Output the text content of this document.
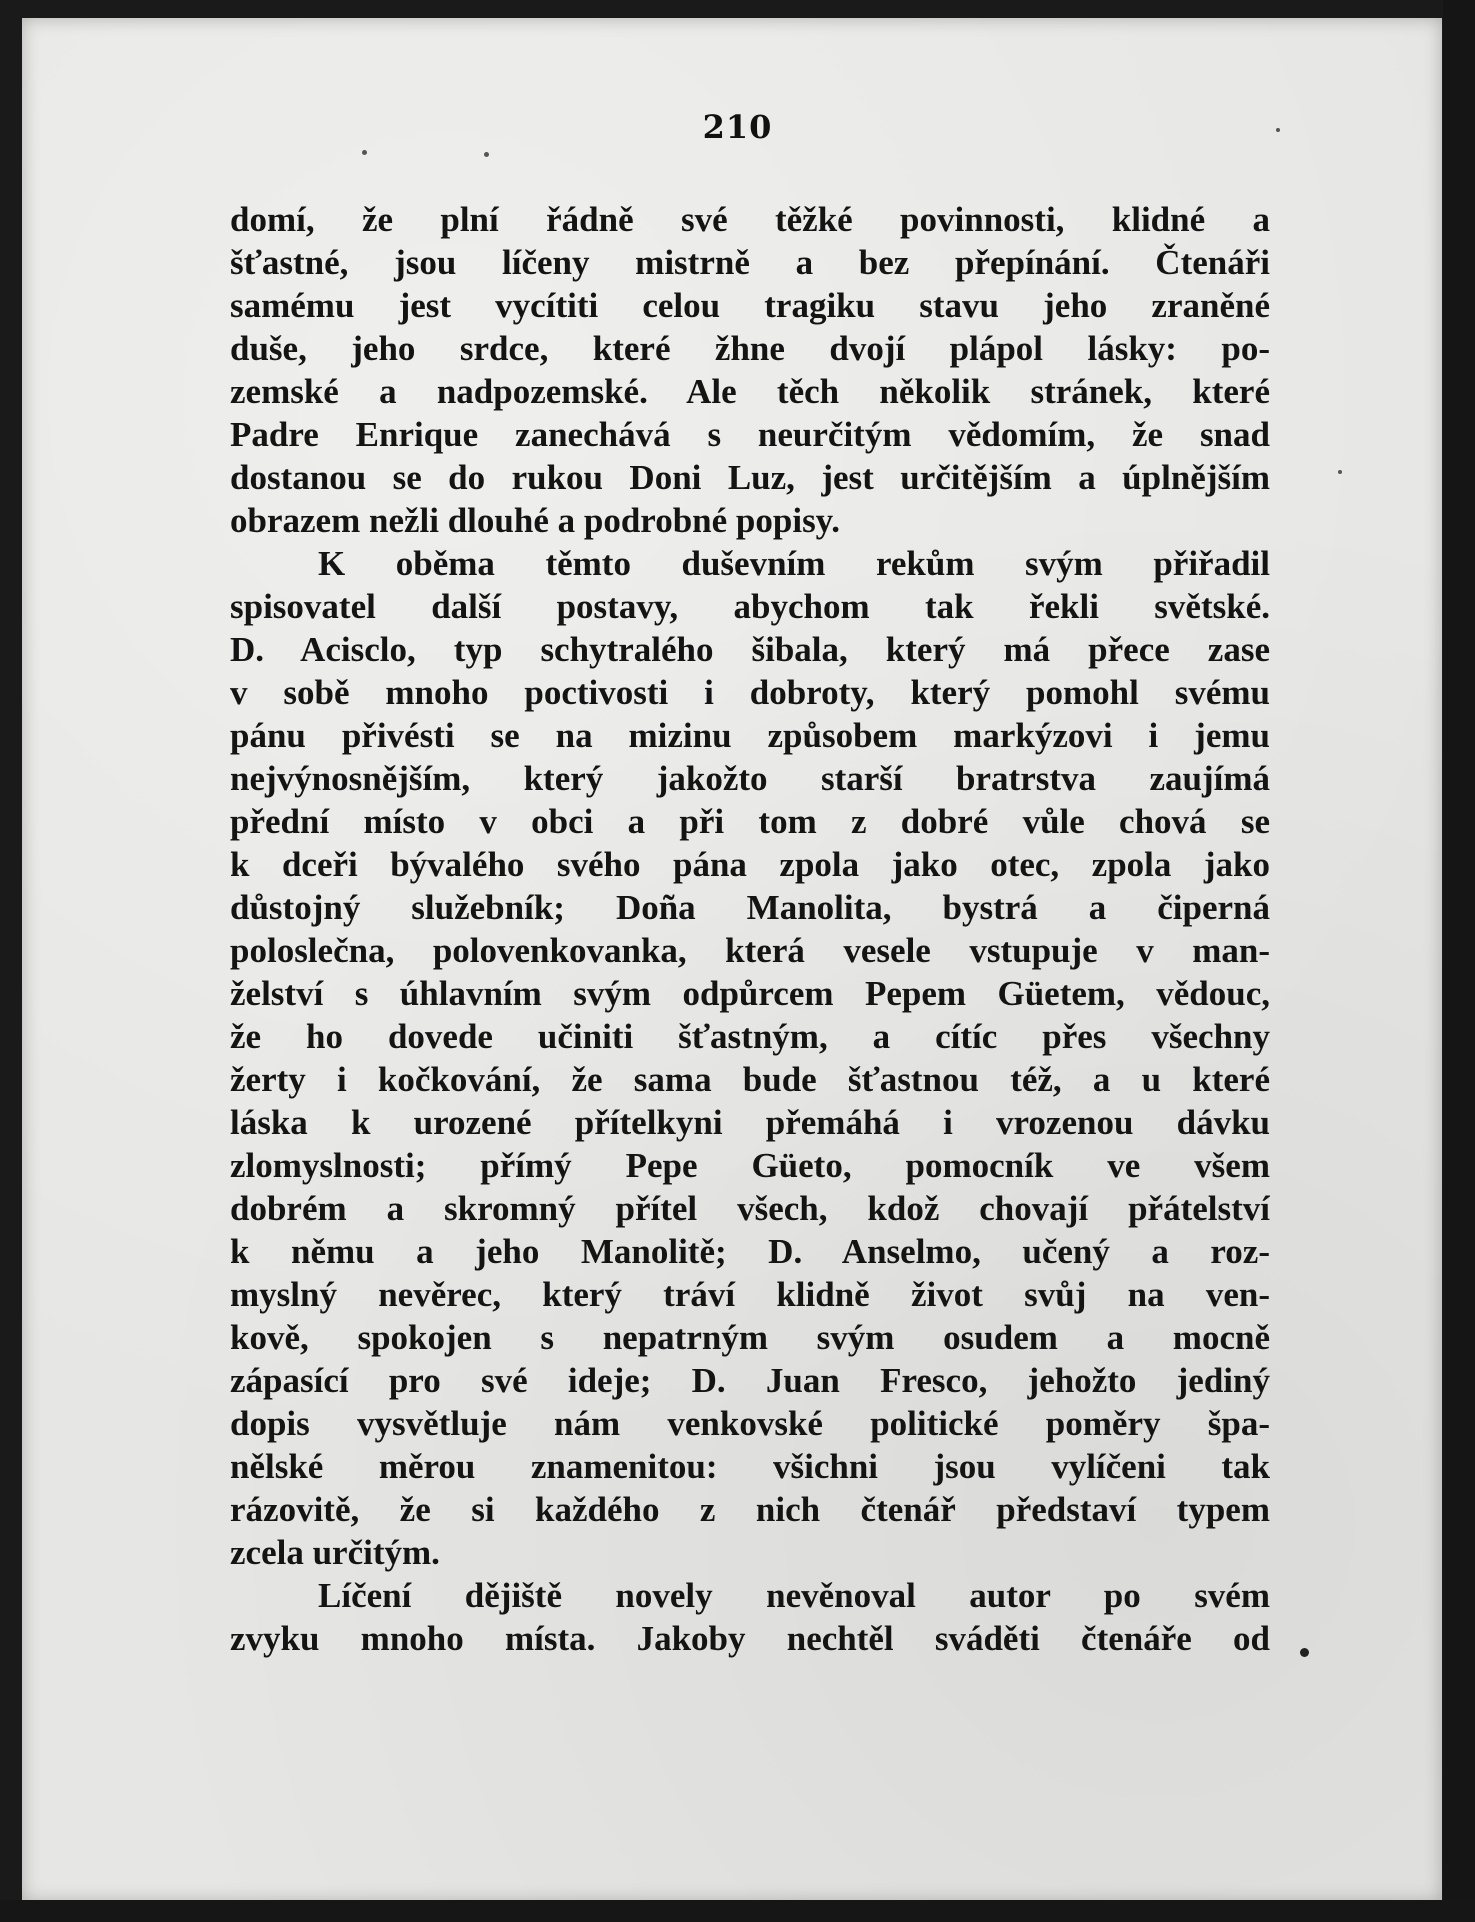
210
domí, že plní řádně své těžké povinnosti, klidné a
šťastné, jsou líčeny mistrně a bez přepínání. Čtenáři
samému jest vycítiti celou tragiku stavu jeho zraněné
duše, jeho srdce, které žhne dvojí plápol lásky: po-
zemské a nadpozemské. Ale těch několik stránek, které
Padre Enrique zanechává s neurčitým vědomím, že snad
dostanou se do rukou Doni Luz, jest určitějším a úplnějším
obrazem nežli dlouhé a podrobné popisy.
K oběma těmto duševním rekům svým přiřadil
spisovatel další postavy, abychom tak řekli světské.
D. Acisclo, typ schytralého šibala, který má přece zase
v sobě mnoho poctivosti i dobroty, který pomohl svému
pánu přivésti se na mizinu způsobem markýzovi i jemu
nejvýnosnějším, který jakožto starší bratrstva zaujímá
přední místo v obci a při tom z dobré vůle chová se
k dceři bývalého svého pána zpola jako otec, zpola jako
důstojný služebník; Doña Manolita, bystrá a čiperná
poloslečna, polovenkovanka, která vesele vstupuje v man-
želství s úhlavním svým odpůrcem Pepem Güetem, vědouc,
že ho dovede učiniti šťastným, a cítíc přes všechny
žerty i kočkování, že sama bude šťastnou též, a u které
láska k urozené přítelkyni přemáhá i vrozenou dávku
zlomyslnosti; přímý Pepe Güeto, pomocník ve všem
dobrém a skromný přítel všech, kdož chovají přátelství
k němu a jeho Manolitě; D. Anselmo, učený a roz-
myslný nevěrec, který tráví klidně život svůj na ven-
kově, spokojen s nepatrným svým osudem a mocně
zápasící pro své ideje; D. Juan Fresco, jehožto jediný
dopis vysvětluje nám venkovské politické poměry špa-
nělské měrou znamenitou: všichni jsou vylíčeni tak
rázovitě, že si každého z nich čtenář představí typem
zcela určitým.
Líčení dějiště novely nevěnoval autor po svém
zvyku mnoho místa. Jakoby nechtěl sváděti čtenáře od
